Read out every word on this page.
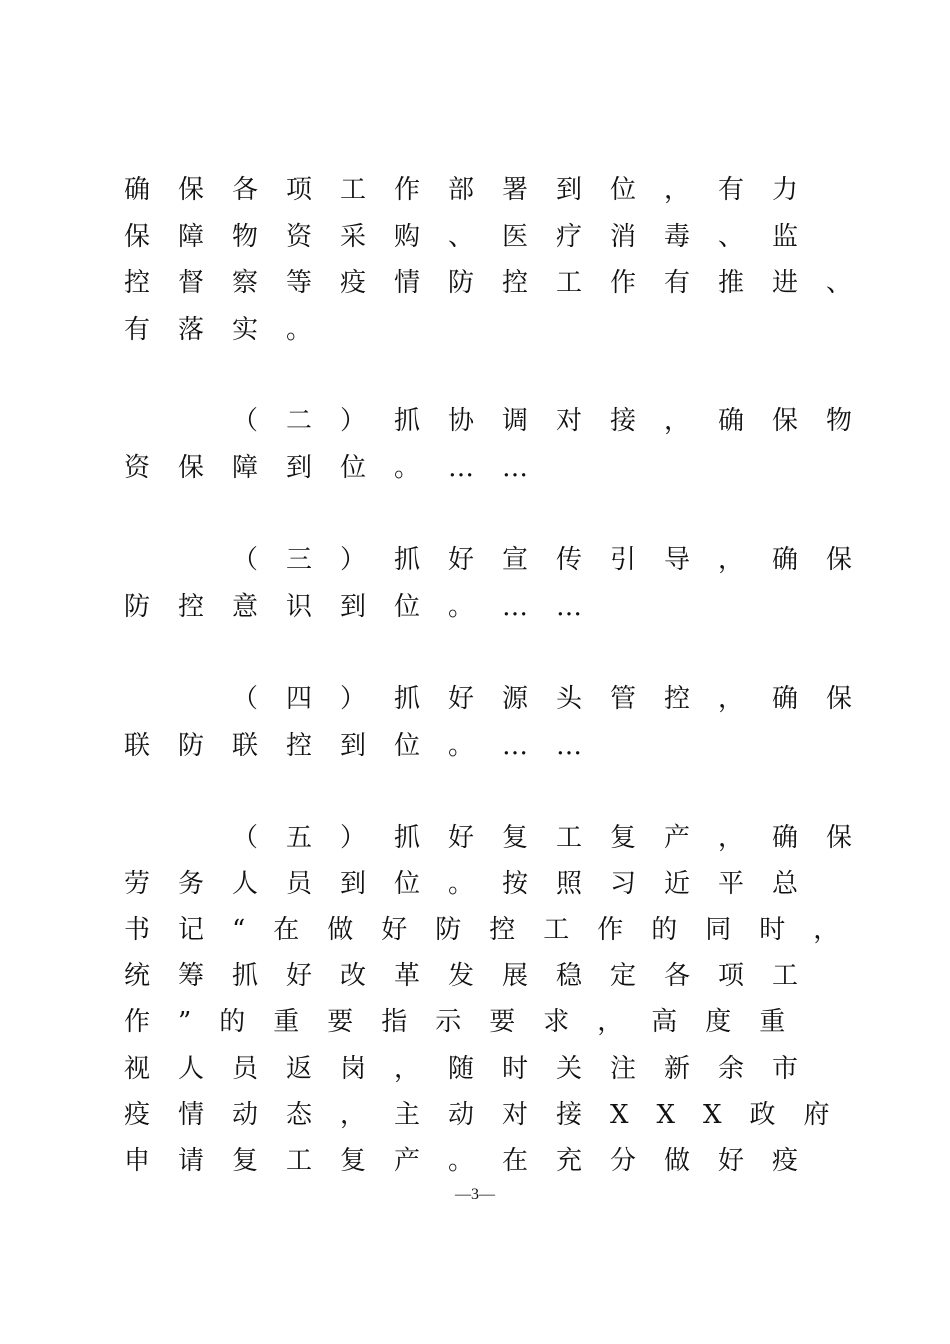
确保各项工作部署到位，有力
保障物资采购、医疗消毒、监
控督察等疫情防控工作有推进、
有落实。
（二）抓协调对接，确保物
资保障到位。……
（三）抓好宣传引导，确保
防控意识到位。……
（四）抓好源头管控，确保
联防联控到位。……
（五）抓好复工复产，确保
劳务人员到位。按照习近平总
书记“在做好防控工作的同时，
统筹抓好改革发展稳定各项工
作”的重要指示要求，高度重
视人员返岗，随时关注新余市
疫情动态，主动对接XXX政府
申请复工复产。在充分做好疫
—3—
